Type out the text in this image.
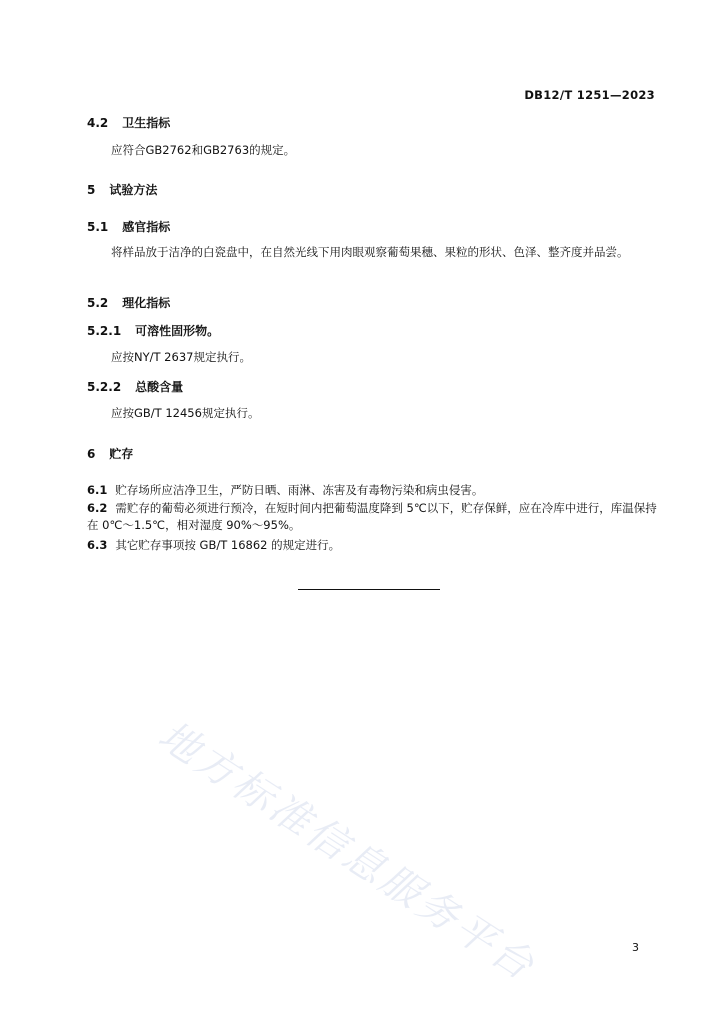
DB12/T 1251—2023
4.2 卫生指标
应符合GB2762和GB2763的规定。
5 试验方法
5.1 感官指标
将样品放于洁净的白瓷盘中，在自然光线下用肉眼观察葡萄果穗、果粒的形状、色泽、整齐度并品尝。
5.2 理化指标
5.2.1 可溶性固形物。
应按NY/T 2637规定执行。
5.2.2 总酸含量
应按GB/T 12456规定执行。
6 贮存
6.1 贮存场所应洁净卫生，严防日晒、雨淋、冻害及有毒物污染和病虫侵害。
6.2 需贮存的葡萄必须进行预冷，在短时间内把葡萄温度降到 5℃以下，贮存保鲜，应在冷库中进行，库温保持在 0℃～1.5℃，相对湿度 90%～95%。
6.3 其它贮存事项按 GB/T 16862 的规定进行。
地方标准信息服务平台	3
